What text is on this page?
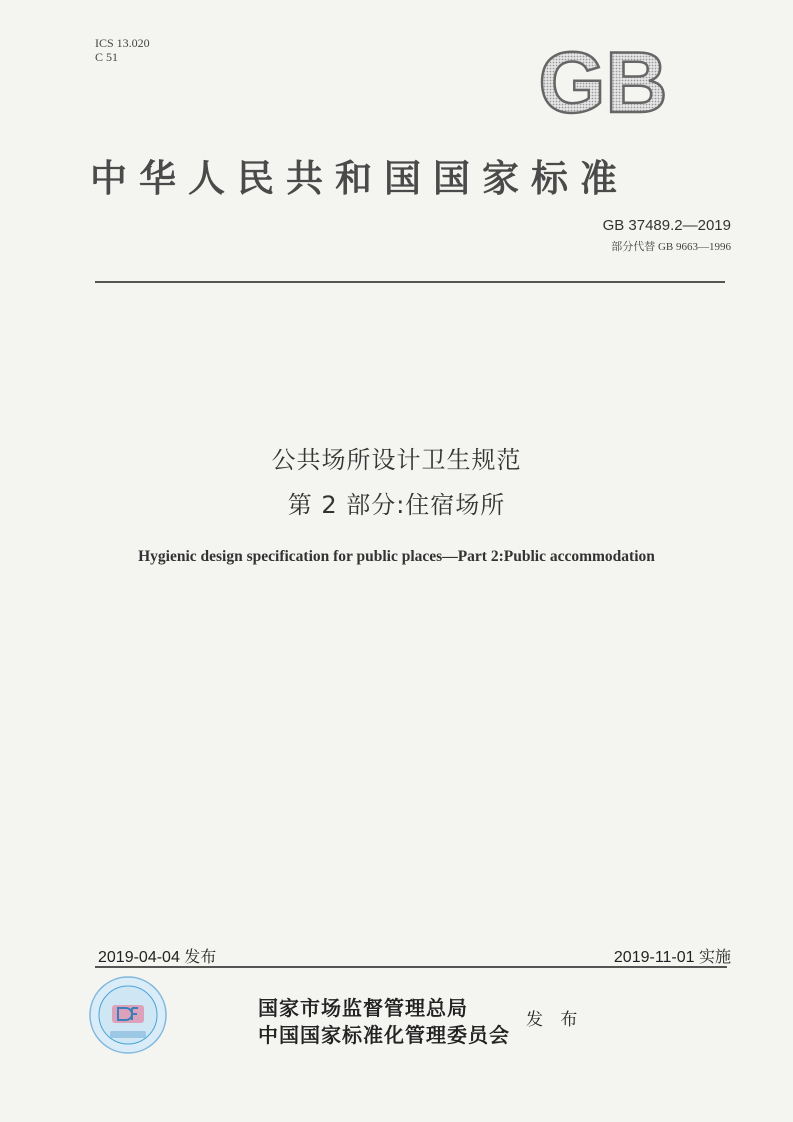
ICS 13.020
C 51	GB
中华人民共和国国家标准
GB 37489.2—2019
部分代替 GB 9663—1996
公共场所设计卫生规范
第 2 部分:住宿场所
Hygienic design specification for public places—Part 2:Public accommodation
2019-04-04 发布	2019-11-01 实施
国家市场监督管理总局
中国国家标准化管理委员会
发 布
